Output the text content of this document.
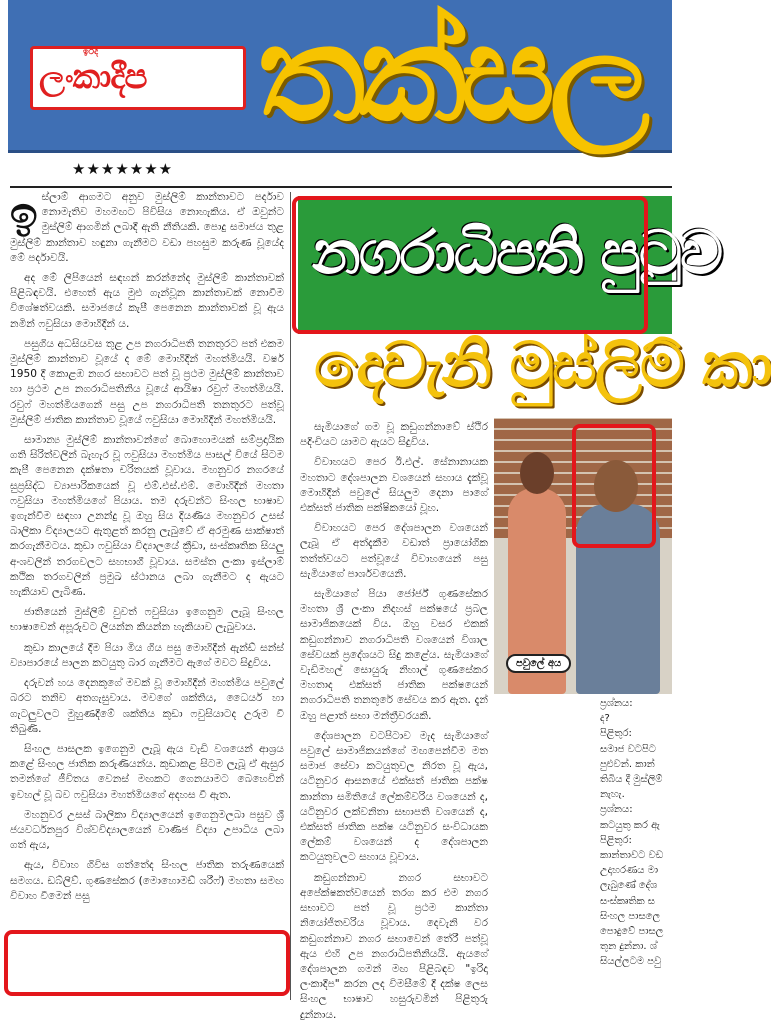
ඉරිද
ලංකාදීප තක්සල
★★★★★★★

ඉස්ලාම් ආගමට අනුව මුස්ලිම් කාන්තාවට පර්දාව නොමැතිව මහමඟට පිවිසිය නොහැකිය. ඒ ඔවුන්ට මුස්ලිම් ආගමින් ලබාදී ඇති නීතියකි. පොදු සමාජය තුළ මුස්ලිම් කාන්තාව හඳුනා ගැනීමට වඩා පහසුම කරුණ වූයේද මේ පර්දාවයි.

අද මේ ලිපියෙන් සඳහන් කරන්නේද මුස්ලිම් කාන්තාවක් පිළිබඳවයි. එහෙත් ඇය මුළු ගැන්වූන කාන්තාවක් නොවීම විශේෂත්වයකි. සමාජයේ කැපී පෙනෙන කාන්තාවක් වූ ඇය නමින් ෆවුසියා මොහිදීන් ය.

පසුගිය අධසියවස තුළ උප නගරාධිපති තනතුරට පත් එකම මුස්ලිම් කාන්තාව වූයේ ද මේ මොහිදීන් මහත්මියයි. වර්ෂ 1950 දී කොළඹ නගර සභාවට පත් වූ ප්‍රථම මුස්ලිම් කාන්තාව හා ප්‍රථම උප නගරාධිපතිනිය වූයේ ආයිෂා රවුෆ් මහත්මියයි. රවුෆ් මහත්මියගෙන් පසු උප නගරාධිපති තනතුරට පත්වූ මුස්ලිම් ජාතික කාන්තාව වූයේ ෆවුසියා මොහිදීන් මහත්මියයි.

සාමාන්‍ය මුස්ලිම් කාන්තාවන්ගේ බොහොමයක් සම්ප්‍රදායික ගති සිරිත්වලින් බැහැර වූ ෆවුසියා මහත්මිය පාසල් වියේ සිටම කැපී පෙනෙන දක්ෂතා චරිතයක් වූවාය. මහනුවර නගරයේ සුප්‍රසිද්ධ ව්‍යාපාරිකයෙක් වූ එම්.එස්.එම්. මොහිදීන් මහතා ෆවුසියා මහත්මියගේ පියාය. තම දරුවන්ට සිංහල භාෂාව ඉගැන්වීම සඳහා උනන්දු වූ ඔහු සිය දියණිය මහනුවර උසස් බාලිකා විද්‍යාලයට ඇතුළත් කරනු ලැබුවේ ඒ අරමුණ සාක්ෂාත් කරගැනීමටය. කුඩා ෆවුසියා විද්‍යාලයේ ක්‍රීඩා, සංස්කෘතික සියලු අංශවලින් තරගවලට සහභාගී වූවාය. සමස්ත ලංකා ඉස්ලාම් කථික තරගවලින් ප්‍රමුඛ ස්ථානය ලබා ගැනීමට ද ඇයට හැකියාව ලැබිණ.

ජාතියෙන් මුස්ලිම් වුවත් ෆවුසියා ඉගෙනුම ලැබූ සිංහල භාෂාවෙන් අපූරුවට ලියන්න කියන්න හැකියාව ලැබුවාය.

කුඩා කාලයේ දීම පියා මිය ගිය පසු මොහිදීන් ඇන්ඩ් සන්ස් ව්‍යාපාරයේ පාලන කටයුතු බාර ගැනීමට ඇගේ මවට සිදුවිය.

දරුවන් හය දෙනකුගේ මවක් වූ මොහිදීන් මහත්මිය පවුලේ බරට තනිව අතගැසුවාය. මවගේ ශක්තිය, ධෛර්ය හා ගැටලුවලට මුහුණදීමේ ශක්තිය කුඩා ෆවුසියාටද උරුම වී තිබුණි.

සිංහල පාසලක ඉගෙනුම ලැබූ ඇය වැඩි වශයෙන් ආශ්‍රය කළේ සිංහල ජාතික කරුණියන්ය. කුඩාකළ සිටම ලැබූ ඒ ඇසුර තමන්ගේ ජීවිතය වෙනස් මඟකට ගෙනයාමට බෙහෙවින් ඉවහල් වූ බව ෆවුසියා මහත්මියගේ අදහස වී ඇත.

මහනුවර උසස් බාලිකා විද්‍යාලයෙන් ඉගෙනුමලබා පසුව ශ්‍රී ජයවර්ධනපුර විශ්වවිද්‍යාලයෙන් වාණිජ විද්‍යා උපාධිය ලබා ගත් ඇය,

ඇය, විවාහ ගිවිස ගත්තේද සිංහල ජාතික තරුණයෙක් සමගය. ඩබ්ලිව්. ගුණසේකර (මොහොමඩ් ශරීෆ්) මහතා සමඟ විවාහ වීමෙන් පසු

නගරාධිපති පුටුව
දෙවැනි මුස්ලිම් කා

සැමියාගේ ගම වූ කඩුගන්නාවේ ස්ථිර පදිංචියට යාමට ඇයට සිදුවිය.

විවාහයට පෙර ඊ.එල්. සේනානායක මහතාට දේශපාලන වශයෙන් සහාය දැක්වූ මොහිදීන් පවුලේ සියලුම දෙනා පාගේ එක්සත් ජාතික පක්ෂිකයෝ වූහ.

විවාහයට පෙර දේශපාලන වශයෙන් ලැබූ ඒ අත්දැකීම වඩාත් ප්‍රායෝගික තත්ත්වයට පත්වූයේ විවාහයෙන් පසු සැමියාගේ පාර්ශවයෙනි.

සැමියාගේ පියා ජෝර්ජ් ගුණසේකර මහතා ශ්‍රී ලංකා නිදහස් පක්ෂයේ ප්‍රබල සාමාජිකයෙක් විය. ඔහු වසර එකක් කඩුගන්නාව නගරාධිපති වශයෙන් විශාල සේවයක් ප්‍රදේශයට සිදු කළේය. සැමියාගේ වැඩිමහල් සොයුරු නිහාල් ගුණසේකර මහතාද එක්සත් ජාතික පක්ෂයෙන් නගරාධිපති තනතුරේ සේවය කර ඇත. දැන් ඔහු පළාත් සභා මන්ත්‍රීවරයකි.

දේශපාලන වටපිටාව මැද සැමියාගේ පවුලේ සාමාජිකයන්ගේ මඟපෙන්වීම මත සමාජ සේවා කටයුතුවල නිරත වූ ඇය, යටිනුවර ආසනයේ එක්සත් ජාතික පක්ෂ කාන්තා සමිතියේ ලේකම්වරිය වශයෙන් ද, යටිනුවර ලක්වනිතා සභාපති වශයෙන් ද, එක්සත් ජාතික පක්ෂ යටිනුවර සංවිධායක ලේකම් වශයෙන් ද දේශපාලන කටයුතුවලට සහාය වූවාය.

කඩුගන්නාව නගර සභාවට අපේක්ෂකත්වයෙන් තරග කර එම නගර සභාවට පත් වූ ප්‍රථම කාන්තා නියෝජිතවරිය වූවාය. දෙවැනි වර කඩුගන්නාව නගර සභාවෙන් තේරී පත්වූ ඇය එහි උප නගරාධිපතිනියයි. ඇයගේ දේශපාලන ගමන් මඟ පිළිබඳව "ඉරිදා ලංකාදීප" කරන ලද විමසීමේ දී දක්ෂ ලෙස සිංහල භාෂාව හසුරුවමින් පිළිතුරු දුන්නාය.

පවුලේ අය
ප්‍රශ්නය:
ද?
පිළිතුර:
සමාජ වටපිට
පුළුවන්. කාන්
තිබිය දී මුස්ලිම්
නැහැ.
ප්‍රශ්නය:
කටයුතු කර ඇ
පිළිතුර:
කාන්තාවට වඩ
උදාහරණය මා
ලැබුණේ දේශ
සංස්කෘතික ස
සිංහල පාසලෙ
පොදුවේ පාසල
තුන දුන්නා. ශ්‍
සියල්ලටම පවු
